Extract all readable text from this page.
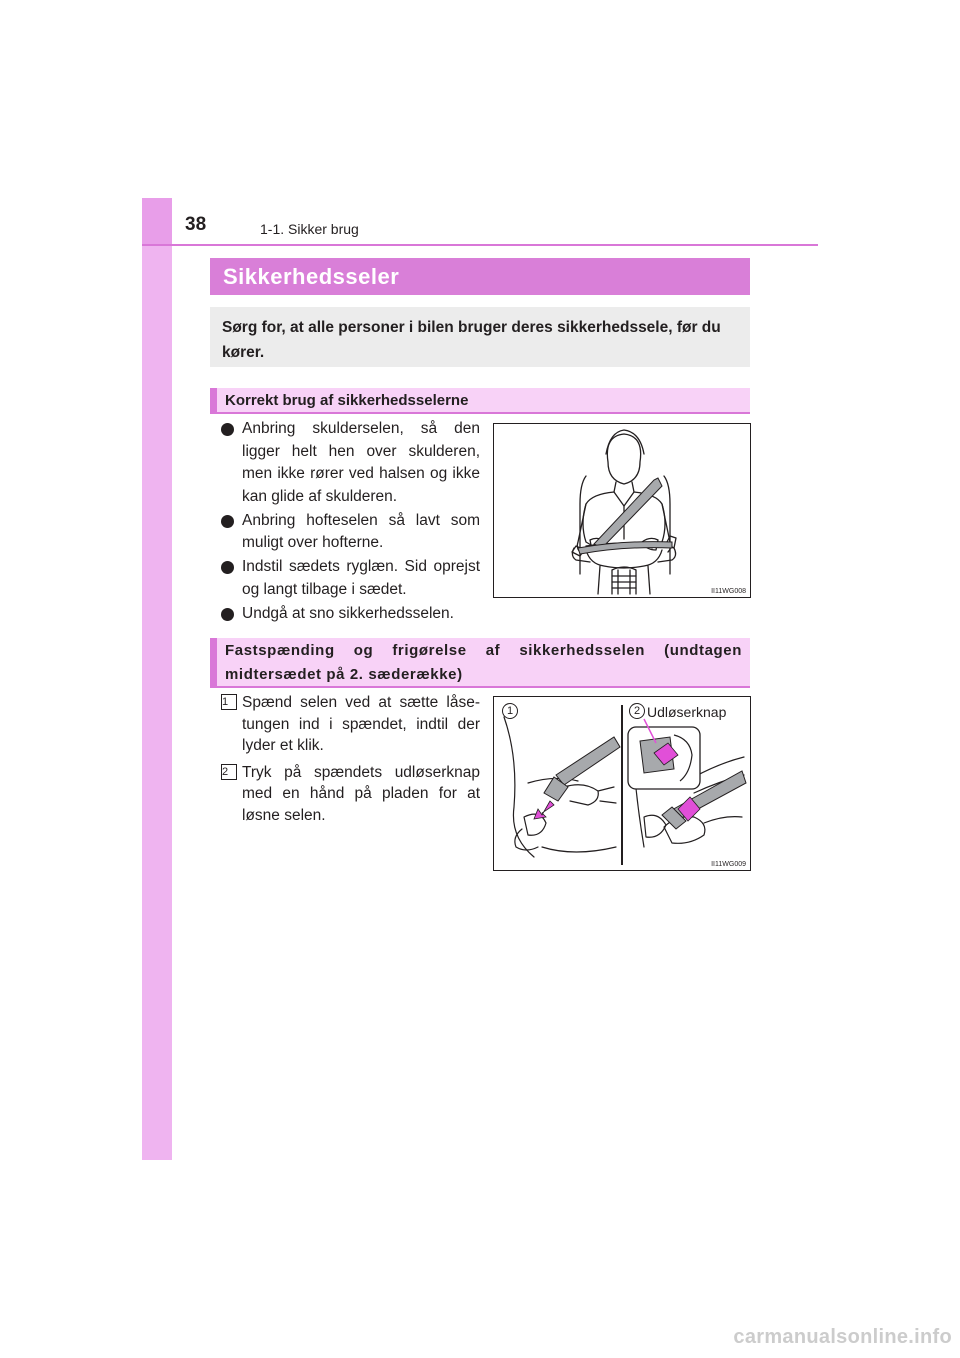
38	1-1. Sikker brug
Sikkerhedsseler
Sørg for, at alle personer i bilen bruger deres sikkerhedssele, før du kører.
Korrekt brug af sikkerhedsselerne
Anbring skulderselen, så den ligger helt hen over skulderen, men ikke rører ved halsen og ikke kan glide af skulderen.
Anbring hofteselen så lavt som muligt over hofterne.
Indstil sædets ryglæn. Sid oprejst og langt tilbage i sædet.
Undgå at sno sikkerhedsselen.
II11WG008
Fastspænding og frigørelse af sikkerhedsselen (undtagen midtersædet på 2. sæderække)
1 Spænd selen ved at sætte låse-tungen ind i spændet, indtil der lyder et klik.
2 Tryk på spændets udløserknap med en hånd på pladen for at løsne selen.
1	2 Udløserknap
II11WG009
carmanualsonline.info
